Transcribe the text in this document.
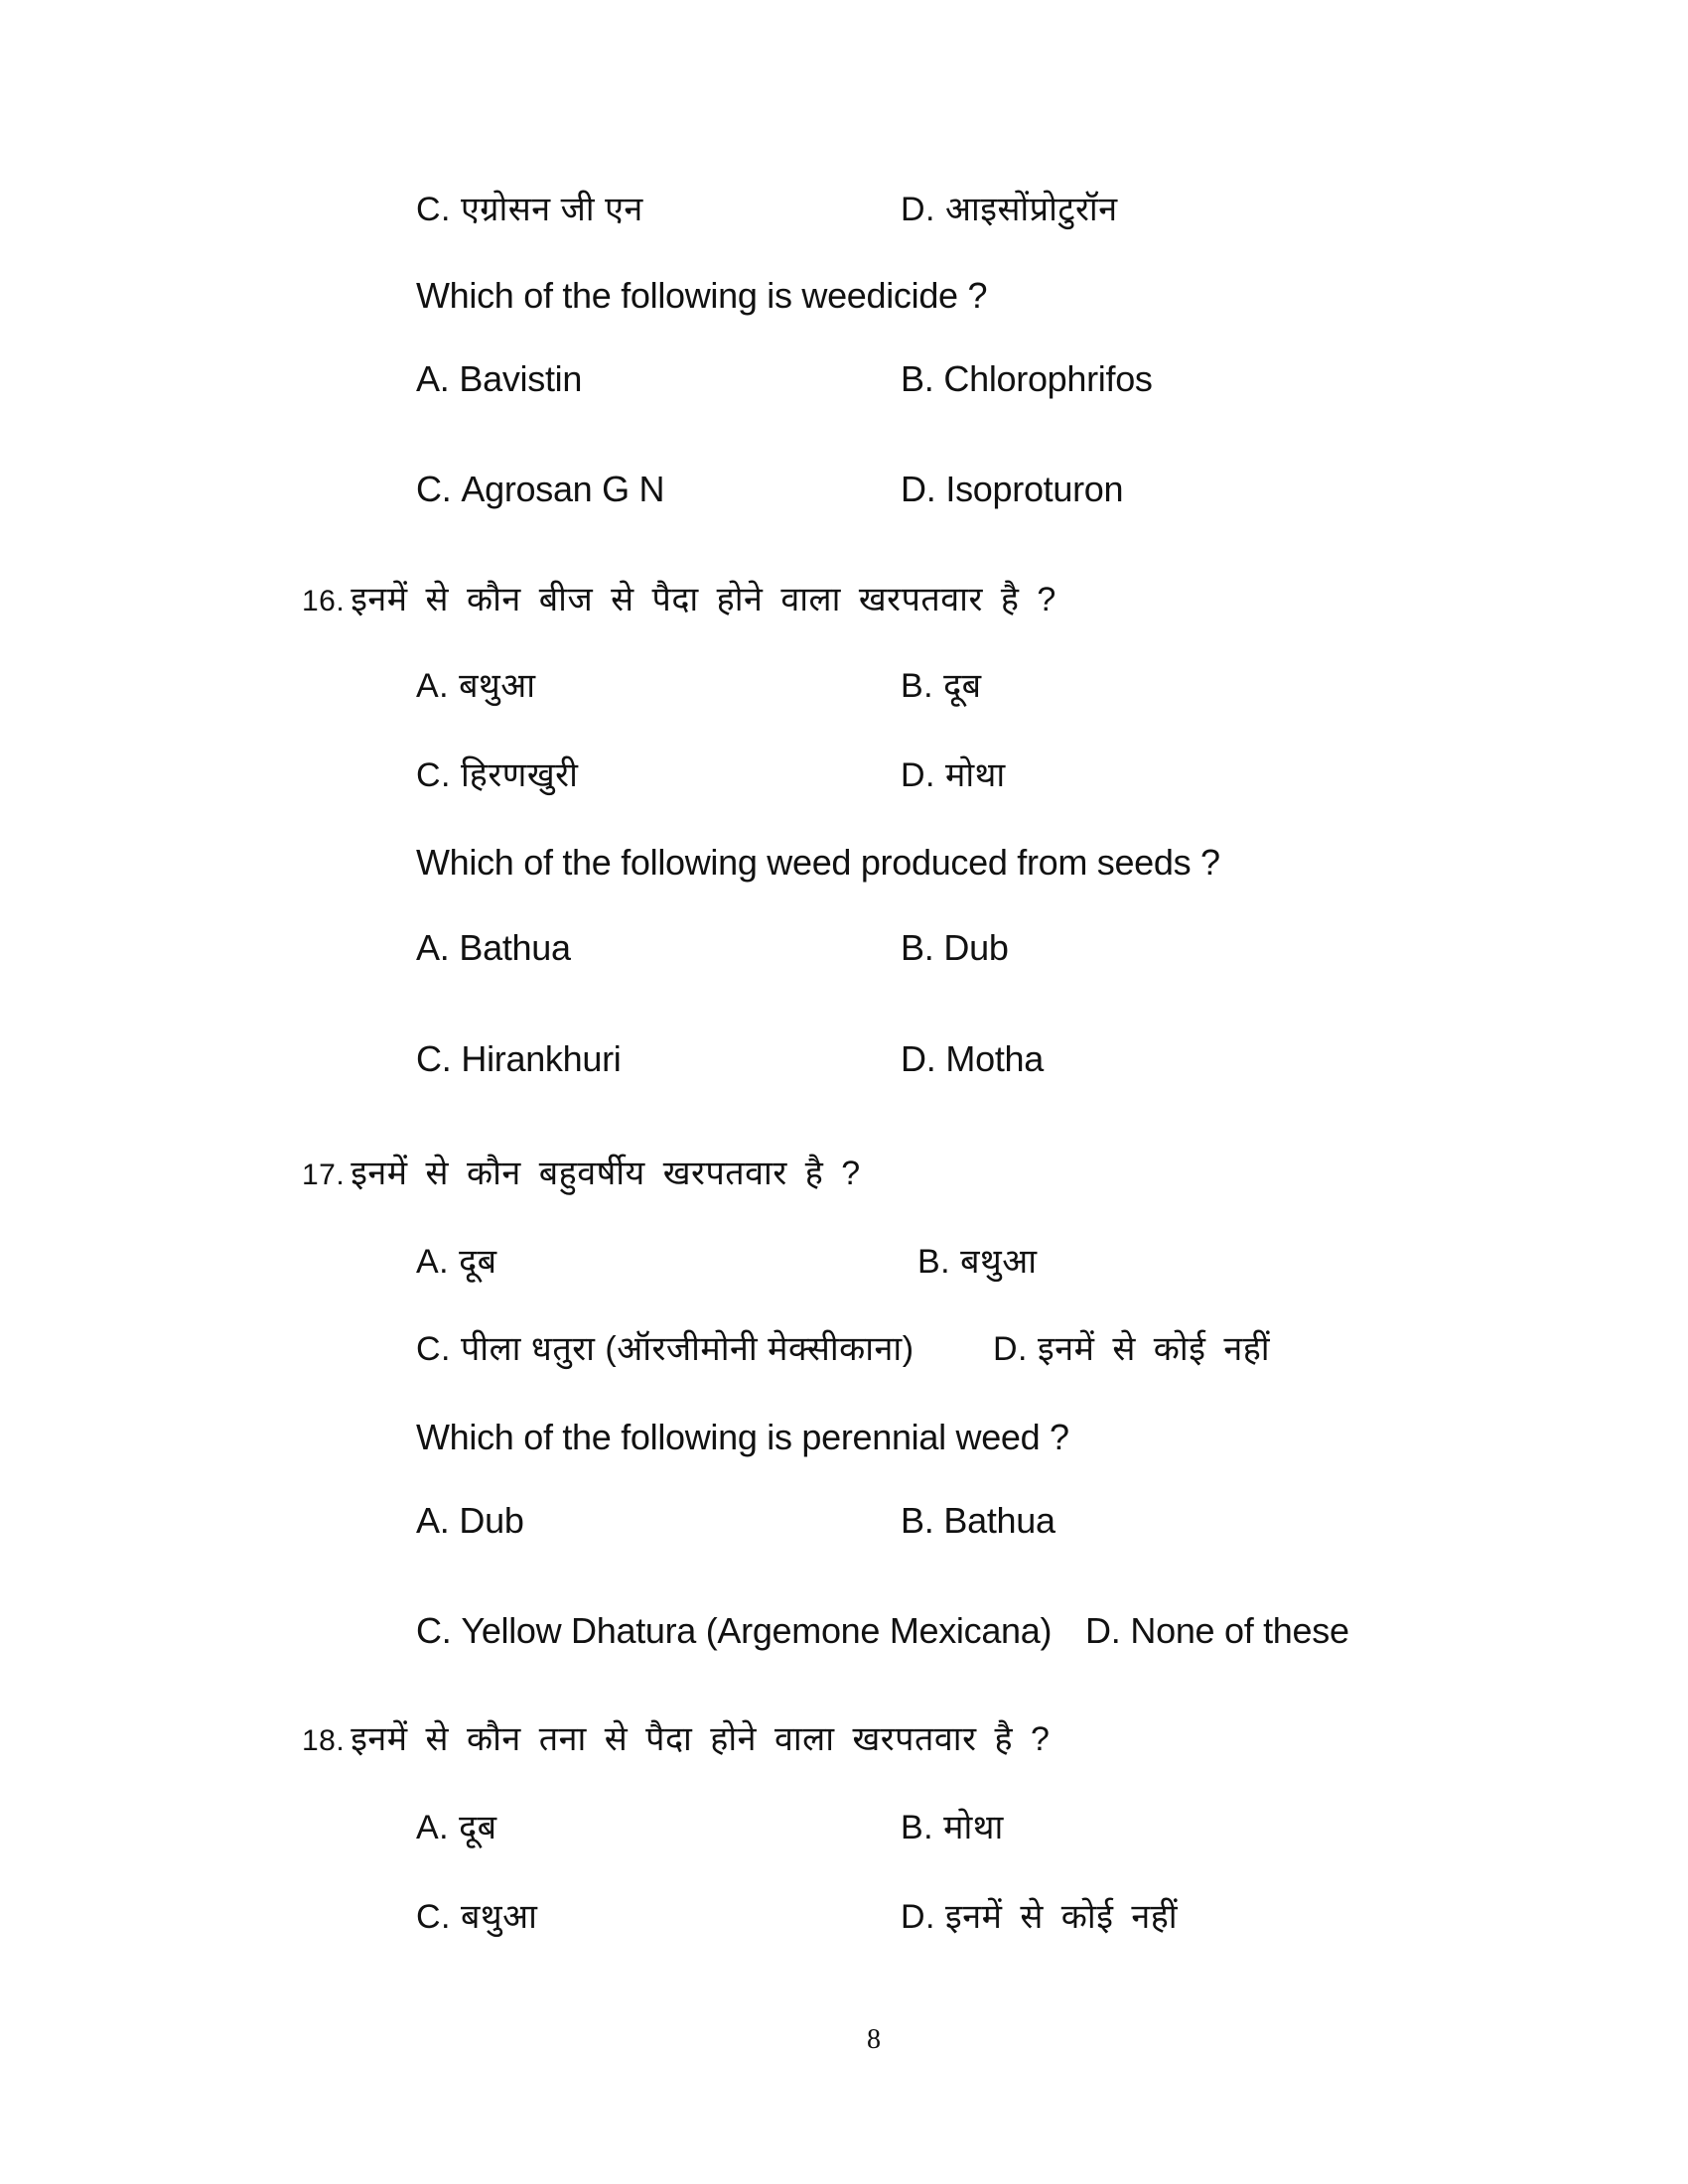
C. एग्रोसन जी एन	D. आइसोंप्रोटुरॉन
Which of the following is weedicide ?
A. Bavistin	B. Chlorophrifos
C. Agrosan G N	D. Isoproturon
16. इनमें से कौन बीज से पैदा होने वाला खरपतवार है ?
A. बथुआ	B. दूब
C. हिरणखुरी	D. मोथा
Which of the following weed produced from seeds ?
A. Bathua	B. Dub
C. Hirankhuri	D. Motha
17. इनमें से कौन बहुवर्षीय खरपतवार है ?
A. दूब	B. बथुआ
C. पीला धतुरा (ऑरजीमोनी मेक्सीकाना) D. इनमें से कोई नहीं
Which of the following is perennial weed ?
A. Dub	B. Bathua
C. Yellow Dhatura (Argemone Mexicana) D. None of these
18. इनमें से कौन तना से पैदा होने वाला खरपतवार है ?
A. दूब	B. मोथा
C. बथुआ	D. इनमें से कोई नहीं
8
